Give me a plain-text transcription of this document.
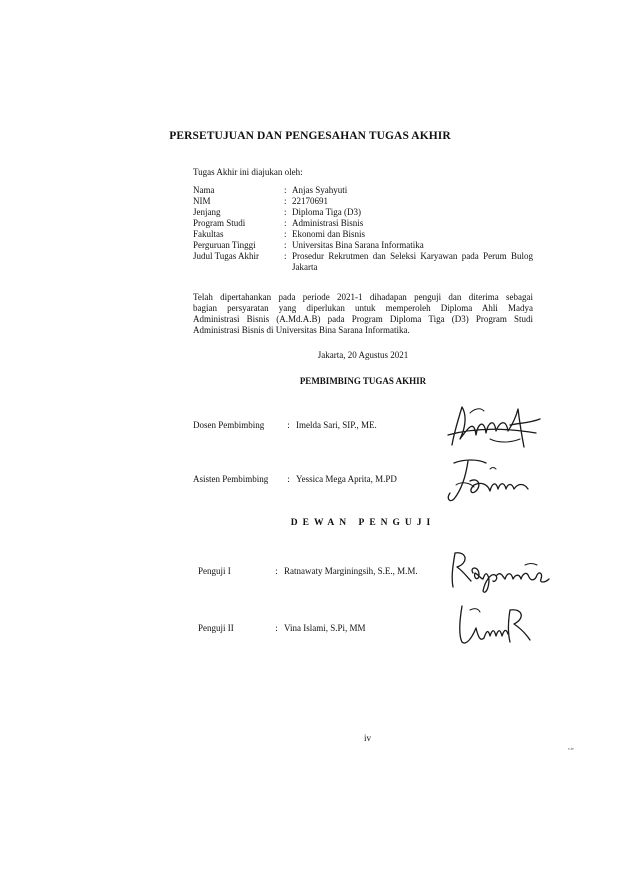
PERSETUJUAN DAN PENGESAHAN TUGAS AKHIR
Tugas Akhir ini diajukan oleh:
Nama	: Anjas Syahyuti
NIM	: 22170691
Jenjang	: Diploma Tiga (D3)
Program Studi	: Administrasi Bisnis
Fakultas	: Ekonomi dan Bisnis
Perguruan Tinggi	: Universitas Bina Sarana Informatika
Judul Tugas Akhir	: Prosedur Rekrutmen dan Seleksi Karyawan pada Perum Bulog Jakarta
Telah dipertahankan pada periode 2021-1 dihadapan penguji dan diterima sebagai
bagian persyaratan yang diperlukan untuk memperoleh Diploma Ahli Madya
Administrasi Bisnis (A.Md.A.B) pada Program Diploma Tiga (D3) Program Studi
Administrasi Bisnis di Universitas Bina Sarana Informatika.
Jakarta, 20 Agustus 2021
PEMBIMBING TUGAS AKHIR
Dosen Pembimbing	: Imelda Sari, SIP., ME.
Asisten Pembimbing : Yessica Mega Aprita, M.PD
DEWAN PENGUJI
Penguji I	: Ratnawaty Marginingsih, S.E., M.M.
Penguji II	: Vina Islami, S.Pi, MM
iv
v.iv
